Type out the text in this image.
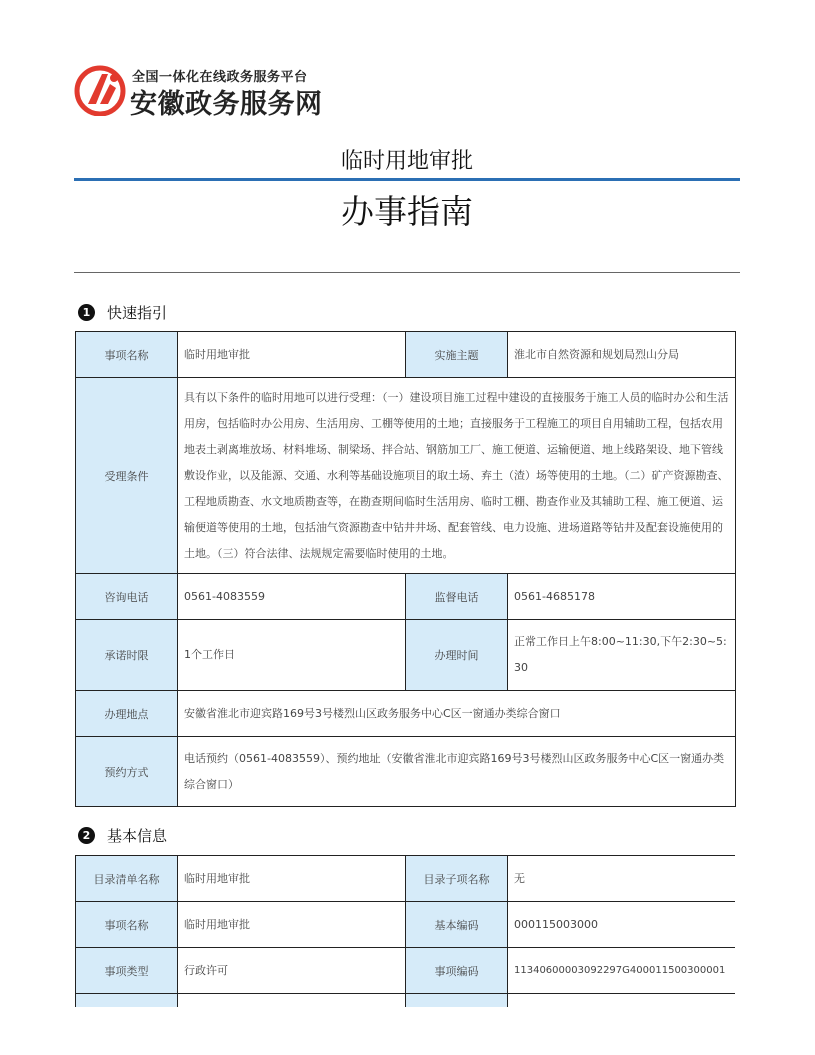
全国一体化在线政务服务平台
安徽政务服务网
临时用地审批
办事指南
1	快速指引
事项名称	临时用地审批	实施主题	淮北市自然资源和规划局烈山分局
受理条件	具有以下条件的临时用地可以进行受理：（一）建设项目施工过程中建设的直接服务于施工人员的临时办公和生活用房，包括临时办公用房、生活用房、工棚等使用的土地；直接服务于工程施工的项目自用辅助工程，包括农用地表土剥离堆放场、材料堆场、制梁场、拌合站、钢筋加工厂、施工便道、运输便道、地上线路架设、地下管线敷设作业，以及能源、交通、水利等基础设施项目的取土场、弃土（渣）场等使用的土地。（二）矿产资源勘查、工程地质勘查、水文地质勘查等，在勘查期间临时生活用房、临时工棚、勘查作业及其辅助工程、施工便道、运输便道等使用的土地，包括油气资源勘查中钻井井场、配套管线、电力设施、进场道路等钻井及配套设施使用的土地。（三）符合法律、法规规定需要临时使用的土地。		
咨询电话	0561-4083559	监督电话	0561-4685178
承诺时限	1个工作日	办理时间	正常工作日上午8:00~11:30,下午2:30~5:30
办理地点	安徽省淮北市迎宾路169号3号楼烈山区政务服务中心C区一窗通办类综合窗口		
预约方式	电话预约（0561-4083559）、预约地址（安徽省淮北市迎宾路169号3号楼烈山区政务服务中心C区一窗通办类综合窗口）		
2	基本信息
目录清单名称	临时用地审批	目录子项名称	无
事项名称	临时用地审批	基本编码	000115003000
事项类型	行政许可	事项编码	11340600003092297G400011500300001
